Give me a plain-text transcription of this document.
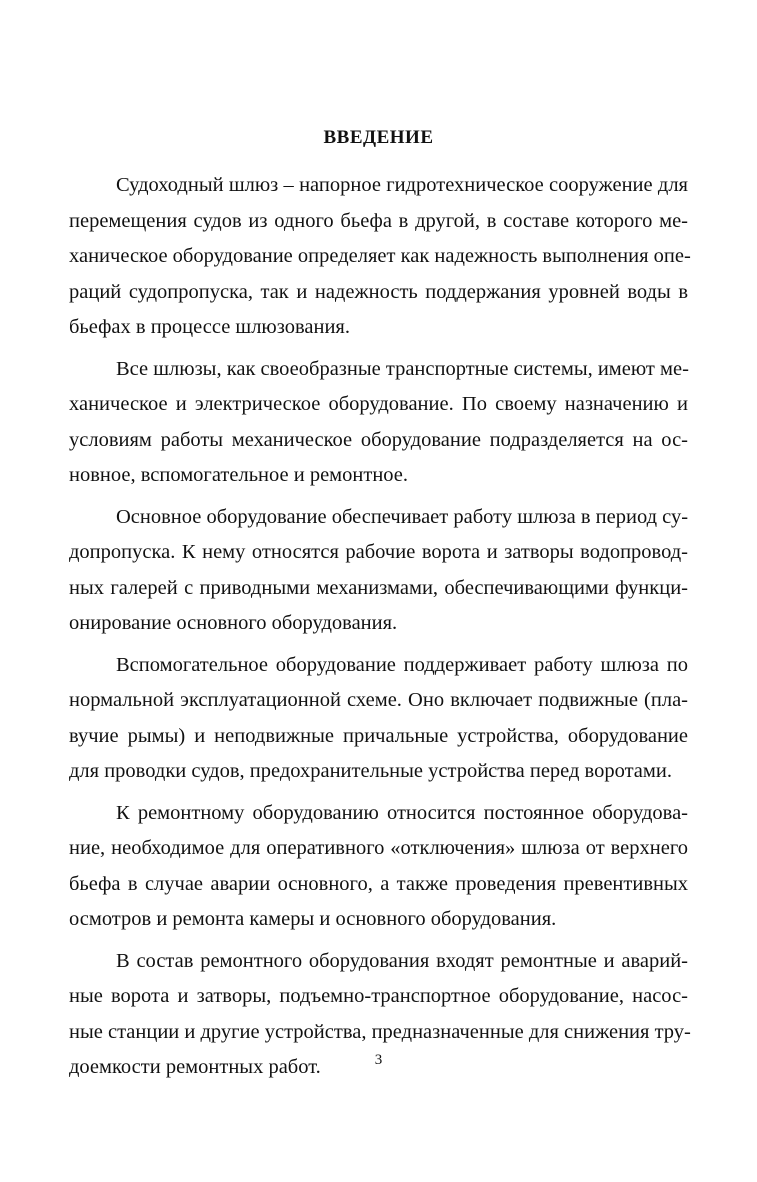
ВВЕДЕНИЕ
Судоходный шлюз – напорное гидротехническое сооружение для
перемещения судов из одного бьефа в другой, в составе которого ме-
ханическое оборудование определяет как надежность выполнения опе-
раций судопропуска, так и надежность поддержания уровней воды в
бьефах в процессе шлюзования.
Все шлюзы, как своеобразные транспортные системы, имеют ме-
ханическое и электрическое оборудование. По своему назначению и
условиям работы механическое оборудование подразделяется на ос-
новное, вспомогательное и ремонтное.
Основное оборудование обеспечивает работу шлюза в период су-
допропуска. К нему относятся рабочие ворота и затворы водопровод-
ных галерей с приводными механизмами, обеспечивающими функци-
онирование основного оборудования.
Вспомогательное оборудование поддерживает работу шлюза по
нормальной эксплуатационной схеме. Оно включает подвижные (пла-
вучие рымы) и неподвижные причальные устройства, оборудование
для проводки судов, предохранительные устройства перед воротами.
К ремонтному оборудованию относится постоянное оборудова-
ние, необходимое для оперативного «отключения» шлюза от верхнего
бьефа в случае аварии основного, а также проведения превентивных
осмотров и ремонта камеры и основного оборудования.
В состав ремонтного оборудования входят ремонтные и аварий-
ные ворота и затворы, подъемно-транспортное оборудование, насос-
ные станции и другие устройства, предназначенные для снижения тру-
доемкости ремонтных работ.	3
